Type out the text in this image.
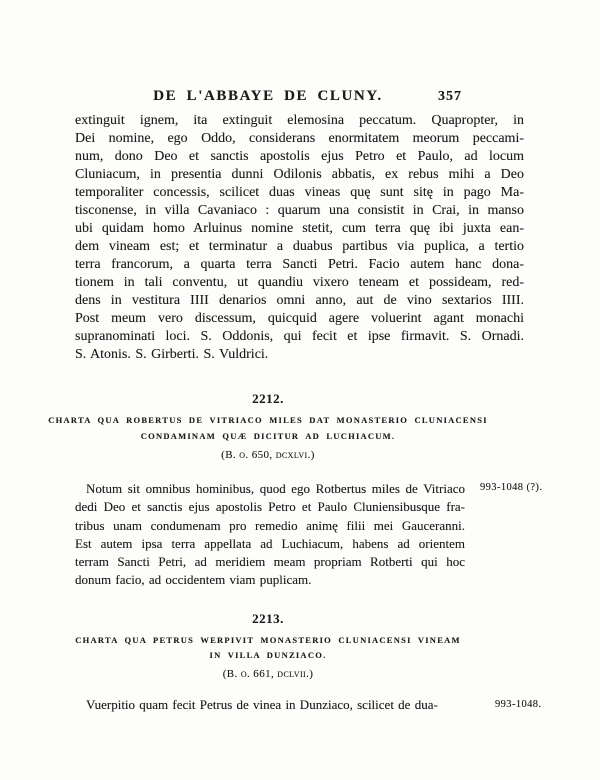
DE L'ABBAYE DE CLUNY.	357
extinguit ignem, ita extinguit elemosina peccatum. Quapropter, in
Dei nomine, ego Oddo, considerans enormitatem meorum peccami-
num, dono Deo et sanctis apostolis ejus Petro et Paulo, ad locum
Cluniacum, in presentia dunni Odilonis abbatis, ex rebus mihi a Deo
temporaliter concessis, scilicet duas vineas quę sunt sitę in pago Ma-
tisconense, in villa Cavaniaco : quarum una consistit in Crai, in manso
ubi quidam homo Arluinus nomine stetit, cum terra quę ibi juxta ean-
dem vineam est; et terminatur a duabus partibus via puplica, a tertio
terra francorum, a quarta terra Sancti Petri. Facio autem hanc dona-
tionem in tali conventu, ut quandiu vixero teneam et possideam, red-
dens in vestitura IIII denarios omni anno, aut de vino sextarios IIII.
Post meum vero discessum, quicquid agere voluerint agant monachi
supranominati loci. S. Oddonis, qui fecit et ipse firmavit. S. Ornadi.
S. Atonis. S. Girberti. S. Vuldrici.
2212.
CHARTA QUA ROBERTUS DE VITRIACO MILES DAT MONASTERIO CLUNIACENSI
CONDAMINAM QUÆ DICITUR AD LUCHIACUM.
(B. o. 650, dcxlvi.)
Notum sit omnibus hominibus, quod ego Rotbertus miles de Vitriaco
dedi Deo et sanctis ejus apostolis Petro et Paulo Cluniensibusque fra-
tribus unam condumenam pro remedio animę filii mei Gauceranni.
Est autem ipsa terra appellata ad Luchiacum, habens ad orientem
terram Sancti Petri, ad meridiem meam propriam Rotberti qui hoc
donum facio, ad occidentem viam puplicam.
993-1048 (?).
2213.
CHARTA QUA PETRUS WERPIVIT MONASTERIO CLUNIACENSI VINEAM
IN VILLA DUNZIACO.
(B. o. 661, dclvii.)
Vuerpitio quam fecit Petrus de vinea in Dunziaco, scilicet de dua-	993-1048.
